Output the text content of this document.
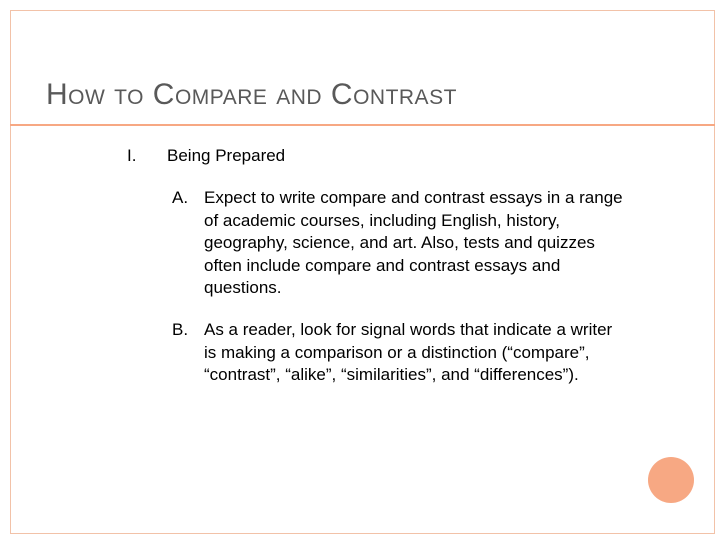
How to Compare and Contrast
I. Being Prepared
A. Expect to write compare and contrast essays in a range of academic courses, including English, history, geography, science, and art. Also, tests and quizzes often include compare and contrast essays and questions.
B. As a reader, look for signal words that indicate a writer is making a comparison or a distinction (“compare”, “contrast”, “alike”, “similarities”, and “differences”).
